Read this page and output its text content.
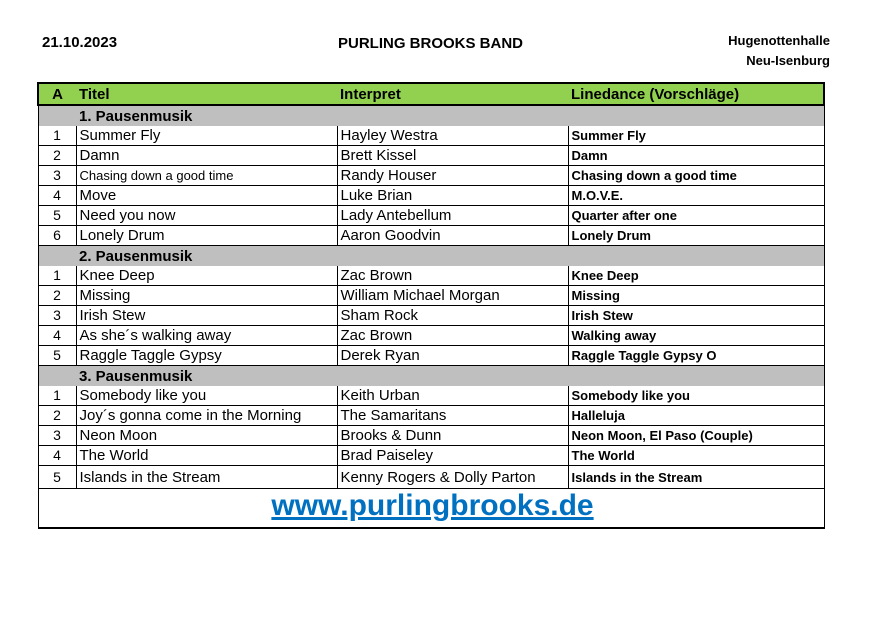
21.10.2023	PURLING BROOKS BAND	Hugenottenhalle
Neu-Isenburg
A	Titel	Interpret	Linedance (Vorschläge)
	1. Pausenmusik		
1	Summer Fly	Hayley Westra	Summer Fly
2	Damn	Brett Kissel	Damn
3	Chasing down a good time	Randy Houser	Chasing down a good time
4	Move	Luke Brian	M.O.V.E.
5	Need you now	Lady Antebellum	Quarter after one
6	Lonely Drum	Aaron Goodvin	Lonely Drum
	2. Pausenmusik		
1	Knee Deep	Zac Brown	Knee Deep
2	Missing	William Michael Morgan	Missing
3	Irish Stew	Sham Rock	Irish Stew
4	As she´s walking away	Zac Brown	Walking away
5	Raggle Taggle Gypsy	Derek Ryan	Raggle Taggle Gypsy O
	3. Pausenmusik		
1	Somebody like you	Keith Urban	Somebody like you
2	Joy´s gonna come in the Morning	The Samaritans	Halleluja
3	Neon Moon	Brooks & Dunn	Neon Moon, El Paso (Couple)
4	The World	Brad Paiseley	The World
5	Islands in the Stream	Kenny Rogers & Dolly Parton	Islands in the Stream
www.purlingbrooks.de			
